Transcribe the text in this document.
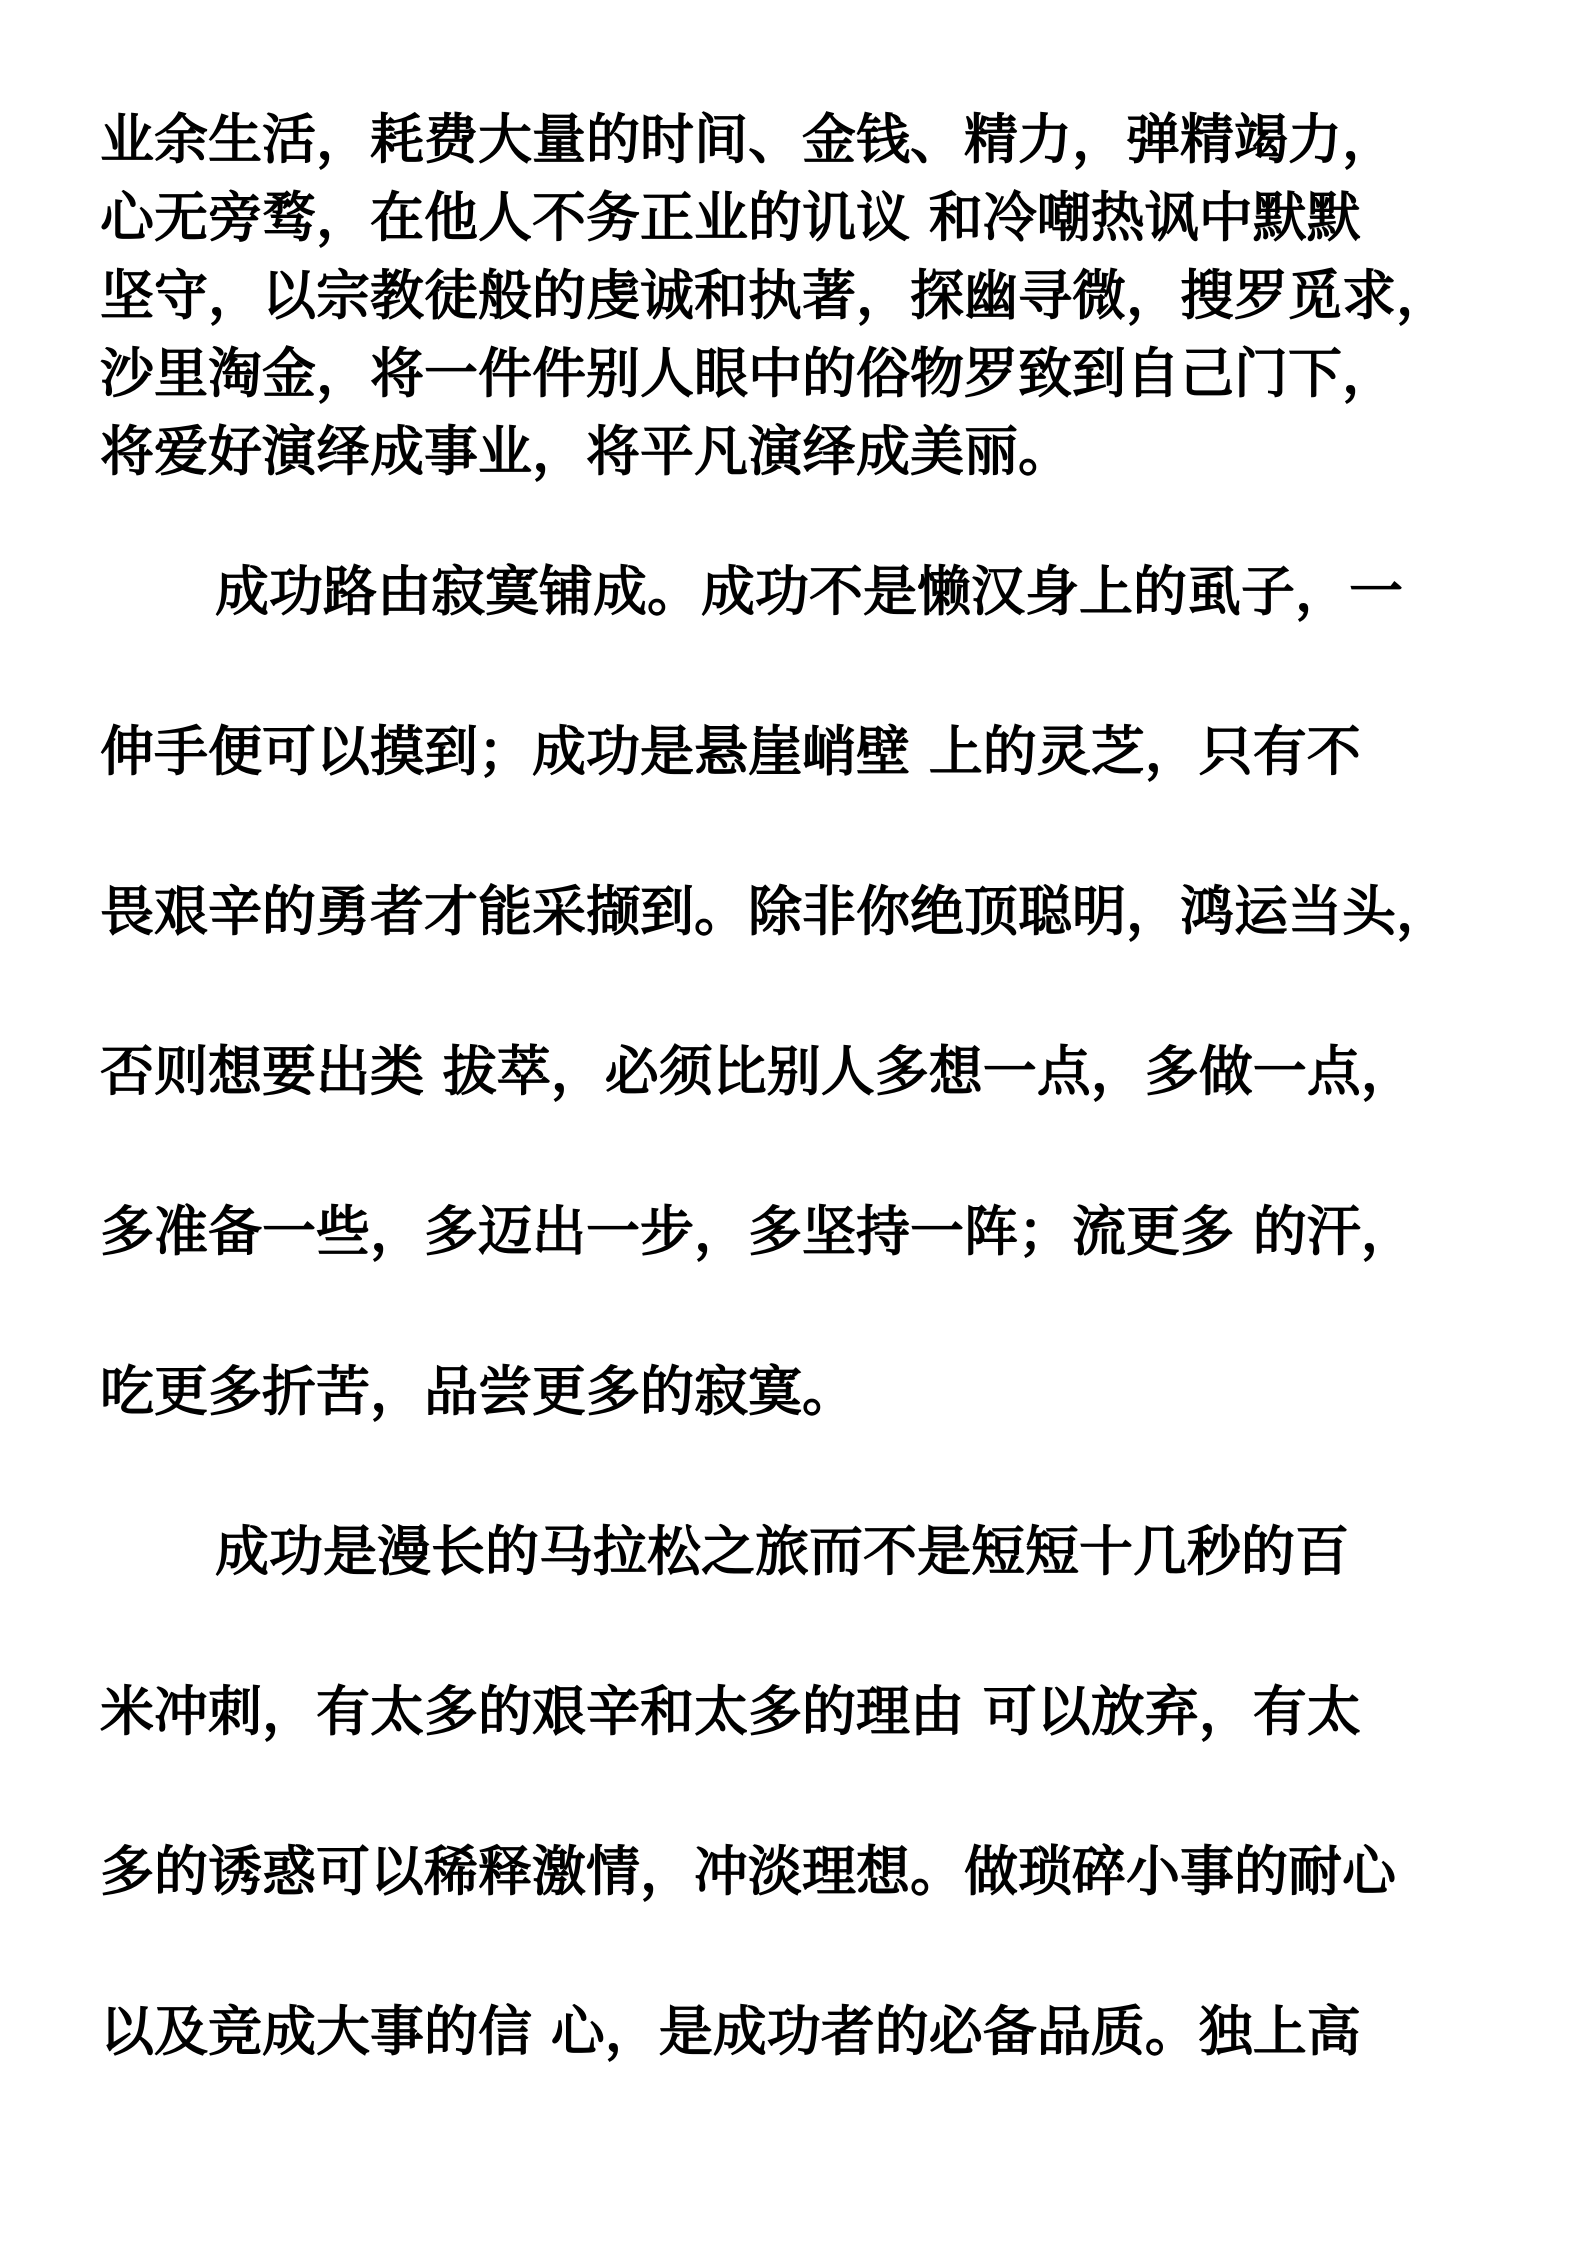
业余生活，耗费大量的时间、金钱、精力，弹精竭力，
心无旁骛，在他人不务正业的讥议 和冷嘲热讽中默默
坚守，以宗教徒般的虔诚和执著，探幽寻微，搜罗觅求，
沙里淘金，将一件件别人眼中的俗物罗致到自己门下，
将爱好演绎成事业，将平凡演绎成美丽。
成功路由寂寞铺成。成功不是懒汉身上的虱子，一
伸手便可以摸到；成功是悬崖峭壁 上的灵芝，只有不
畏艰辛的勇者才能采撷到。除非你绝顶聪明，鸿运当头，
否则想要出类 拔萃，必须比别人多想一点，多做一点，
多准备一些，多迈出一步，多坚持一阵；流更多 的汗，
吃更多折苦，品尝更多的寂寞。
成功是漫长的马拉松之旅而不是短短十几秒的百
米冲刺，有太多的艰辛和太多的理由 可以放弃，有太
多的诱惑可以稀释激情，冲淡理想。做琐碎小事的耐心
以及竞成大事的信 心，是成功者的必备品质。独上高
